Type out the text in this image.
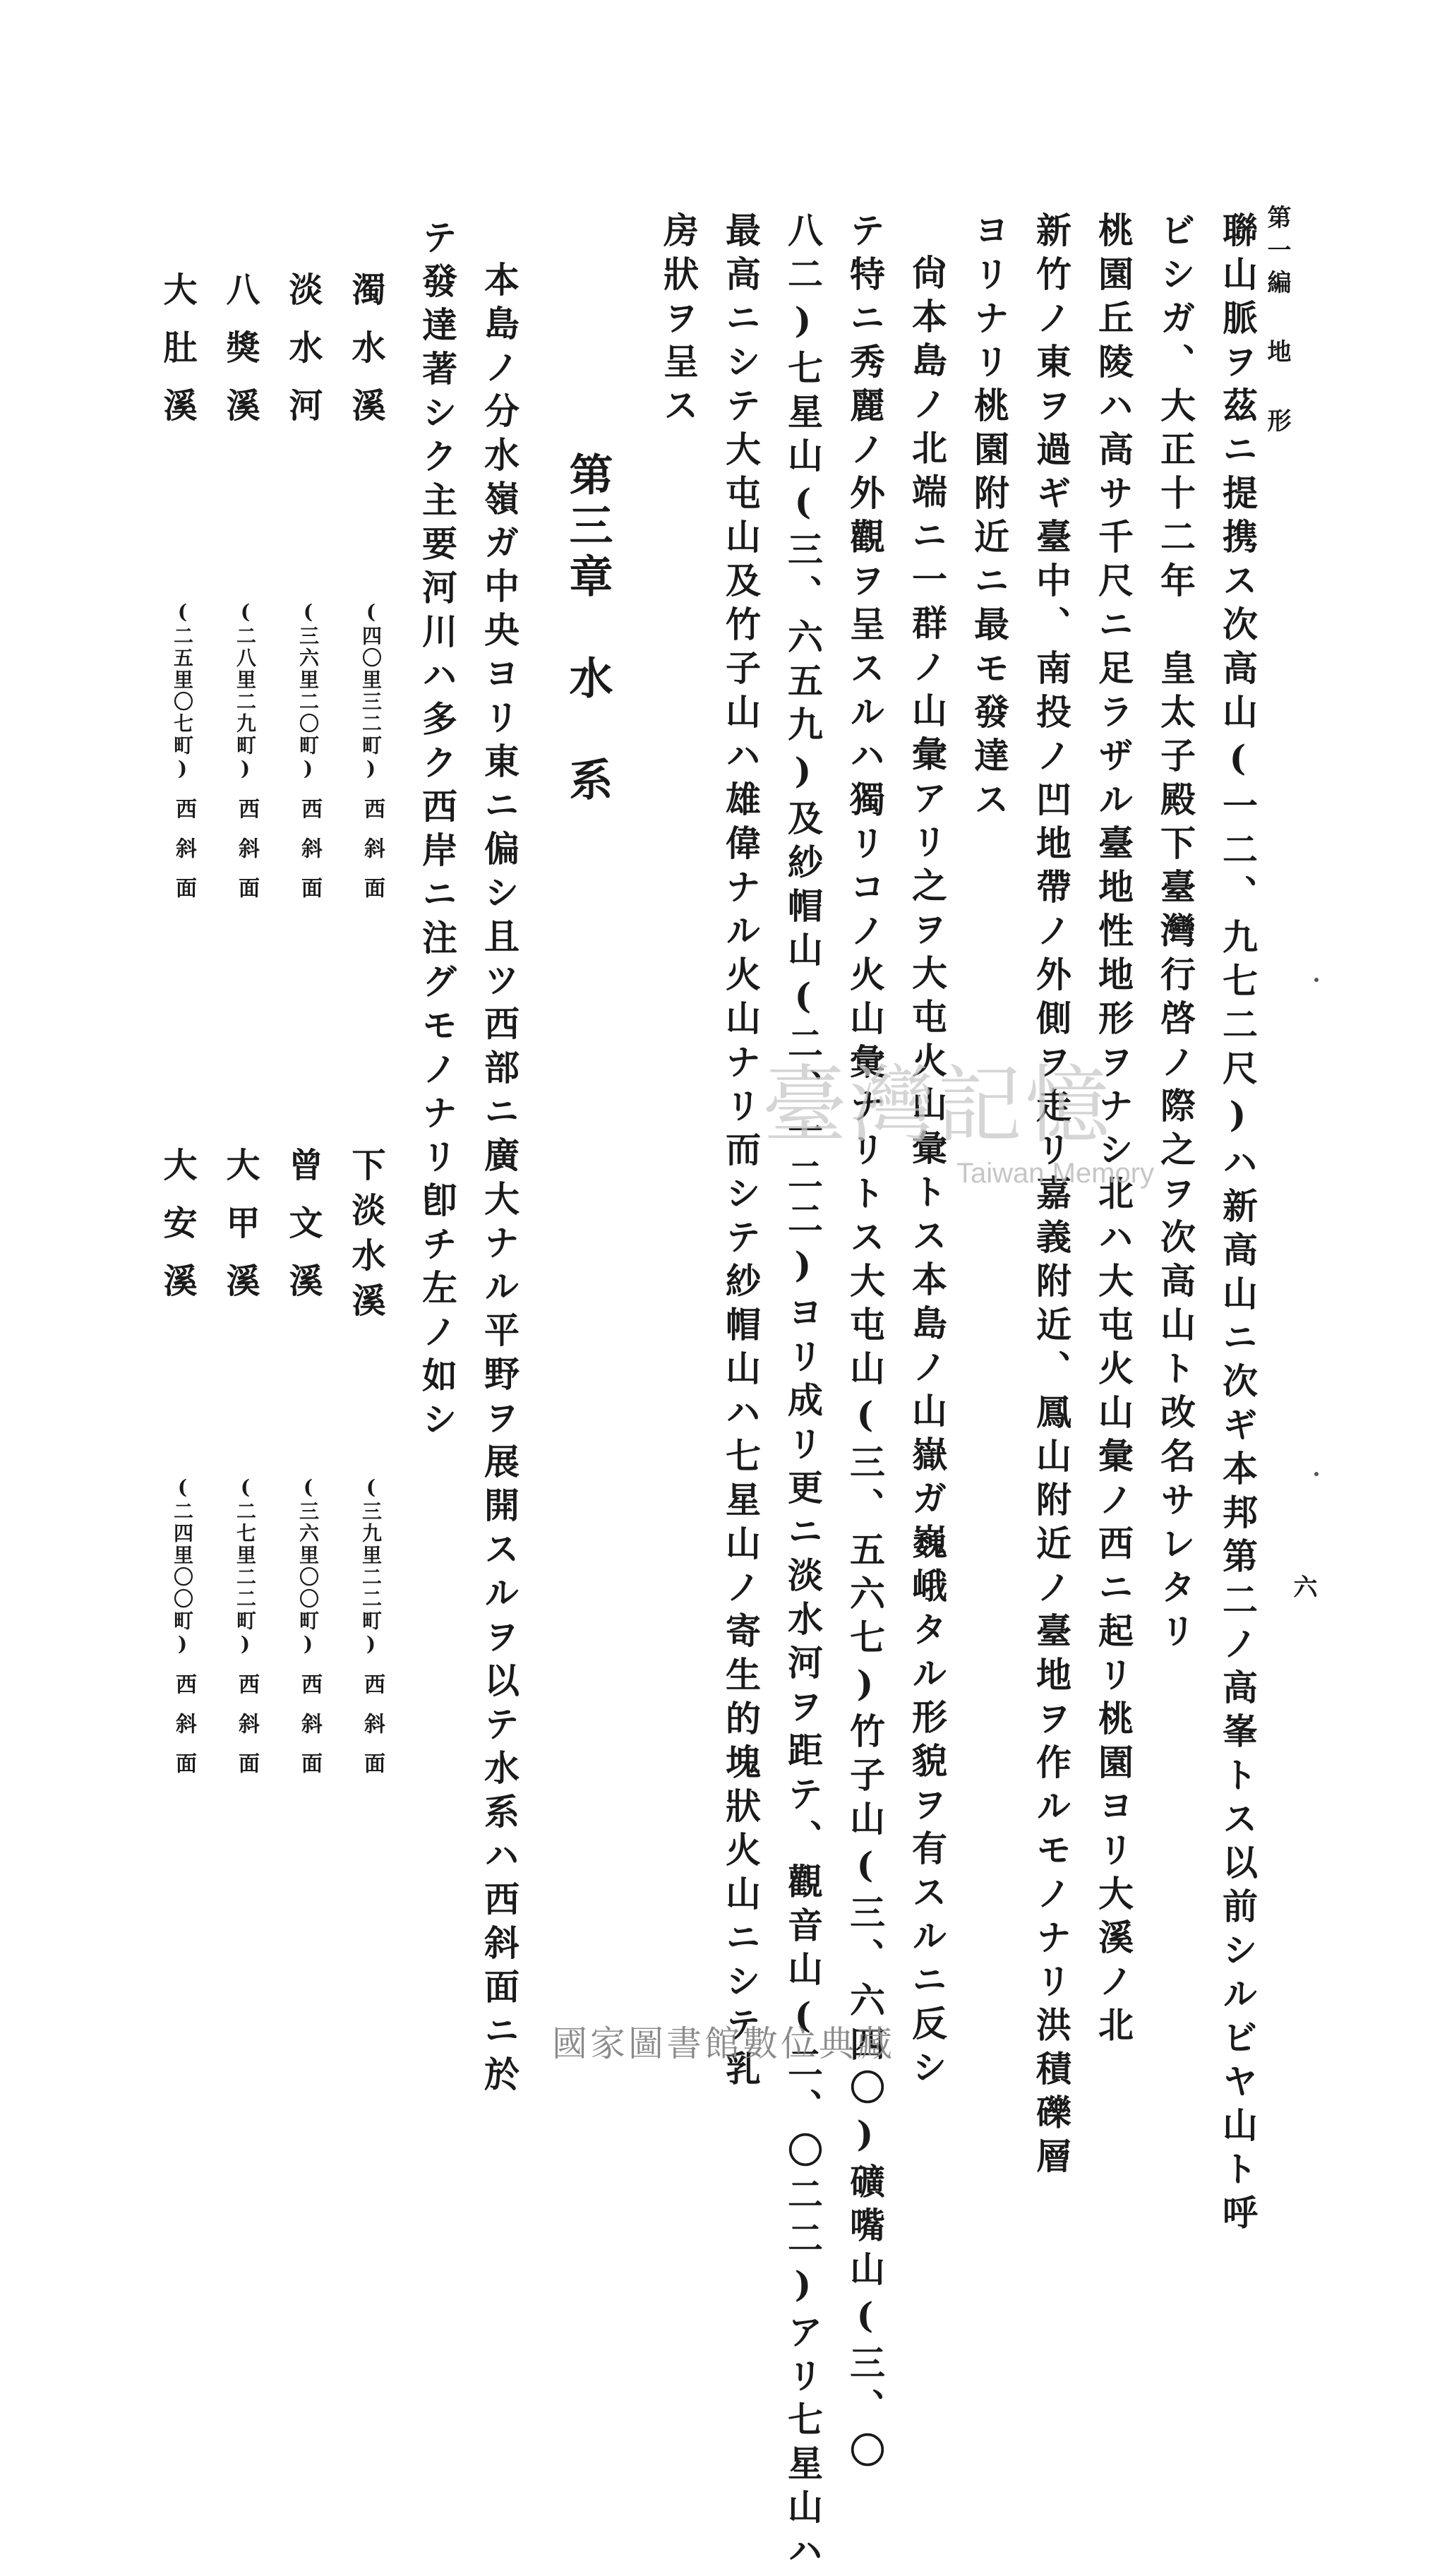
第一編 地 形
六
聯山脈ヲ茲ニ提携ス次高山(一二、九七二尺)ハ新高山ニ次ギ本邦第二ノ高峯トス以前シルビヤ山ト呼
ビシガ、大正十二年　皇太子殿下臺灣行啓ノ際之ヲ次高山ト改名サレタリ
桃園丘陵ハ高サ千尺ニ足ラザル臺地性地形ヲナシ北ハ大屯火山彙ノ西ニ起リ桃園ヨリ大溪ノ北
新竹ノ東ヲ過ギ臺中、南投ノ凹地帶ノ外側ヲ走リ嘉義附近、鳳山附近ノ臺地ヲ作ルモノナリ洪積礫層
ヨリナリ桃園附近ニ最モ發達ス
尙本島ノ北端ニ一群ノ山彙アリ之ヲ大屯火山彙トス本島ノ山嶽ガ巍峨タル形貌ヲ有スルニ反シ
テ特ニ秀麗ノ外觀ヲ呈スルハ獨リコノ火山彙ナリトス大屯山(三、五六七)竹子山(三、六四〇)礦嘴山(三、〇
八二)七星山(三、六五九)及紗帽山(二、一二二)ヨリ成リ更ニ淡水河ヲ距テ、觀音山(二、〇二二)アリ七星山ハ
最高ニシテ大屯山及竹子山ハ雄偉ナル火山ナリ而シテ紗帽山ハ七星山ノ寄生的塊狀火山ニシテ乳
房狀ヲ呈ス
第三章　水　系
本島ノ分水嶺ガ中央ヨリ東ニ偏シ且ツ西部ニ廣大ナル平野ヲ展開スルヲ以テ水系ハ西斜面ニ於
テ發達著シク主要河川ハ多ク西岸ニ注グモノナリ卽チ左ノ如シ
濁水溪
(四〇里三二町)
西斜面
淡水河
(三六里二〇町)
西斜面
八獎溪
(二八里二九町)
西斜面
大肚溪
(二五里〇七町)
西斜面
下淡水溪
(三九里二二町)
西斜面
曾文溪
(三六里〇〇町)
西斜面
大甲溪
(二七里二二町)
西斜面
大安溪
(二四里〇〇町)
西斜面
臺灣記憶
Taiwan Memory
國家圖書館數位典藏
